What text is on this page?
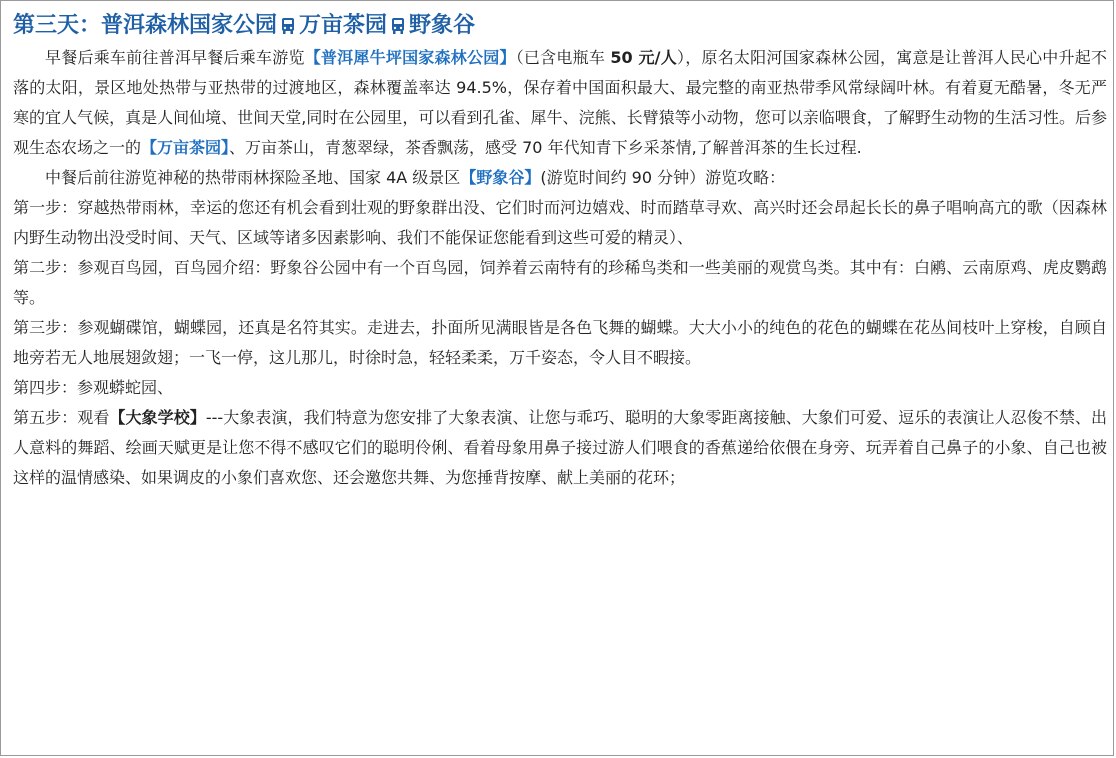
第三天：普洱森林国家公园 万亩茶园 野象谷

早餐后乘车前往普洱早餐后乘车游览【普洱犀牛坪国家森林公园】（已含电瓶车 50 元/人），原名太阳河国家森林公园，寓意是让普洱人民心中升起不落的太阳，景区地处热带与亚热带的过渡地区，森林覆盖率达 94.5%，保存着中国面积最大、最完整的南亚热带季风常绿阔叶林。有着夏无酷暑，冬无严寒的宜人气候，真是人间仙境、世间天堂,同时在公园里，可以看到孔雀、犀牛、浣熊、长臂猿等小动物，您可以亲临喂食，了解野生动物的生活习性。后参观生态农场之一的【万亩茶园】、万亩茶山，青葱翠绿，茶香飘荡，感受 70 年代知青下乡采茶情,了解普洱茶的生长过程.

中餐后前往游览神秘的热带雨林探险圣地、国家 4A 级景区【野象谷】(游览时间约 90 分钟）游览攻略：

第一步：穿越热带雨林，幸运的您还有机会看到壮观的野象群出没、它们时而河边嬉戏、时而踏草寻欢、高兴时还会昂起长长的鼻子唱响高亢的歌（因森林内野生动物出没受时间、天气、区域等诸多因素影响、我们不能保证您能看到这些可爱的精灵）、

第二步：参观百鸟园，百鸟园介绍：野象谷公园中有一个百鸟园，饲养着云南特有的珍稀鸟类和一些美丽的观赏鸟类。其中有：白鹇、云南原鸡、虎皮鹦鹉等。

第三步：参观蝴碟馆，蝴蝶园，还真是名符其实。走进去，扑面所见满眼皆是各色飞舞的蝴蝶。大大小小的纯色的花色的蝴蝶在花丛间枝叶上穿梭，自顾自地旁若无人地展翅敛翅；一飞一停，这儿那儿，时徐时急，轻轻柔柔，万千姿态，令人目不暇接。

第四步：参观蟒蛇园、

第五步：观看【大象学校】---大象表演，我们特意为您安排了大象表演、让您与乖巧、聪明的大象零距离接触、大象们可爱、逗乐的表演让人忍俊不禁、出人意料的舞蹈、绘画天赋更是让您不得不感叹它们的聪明伶俐、看着母象用鼻子接过游人们喂食的香蕉递给依偎在身旁、玩弄着自己鼻子的小象、自己也被这样的温情感染、如果调皮的小象们喜欢您、还会邀您共舞、为您捶背按摩、献上美丽的花环；
